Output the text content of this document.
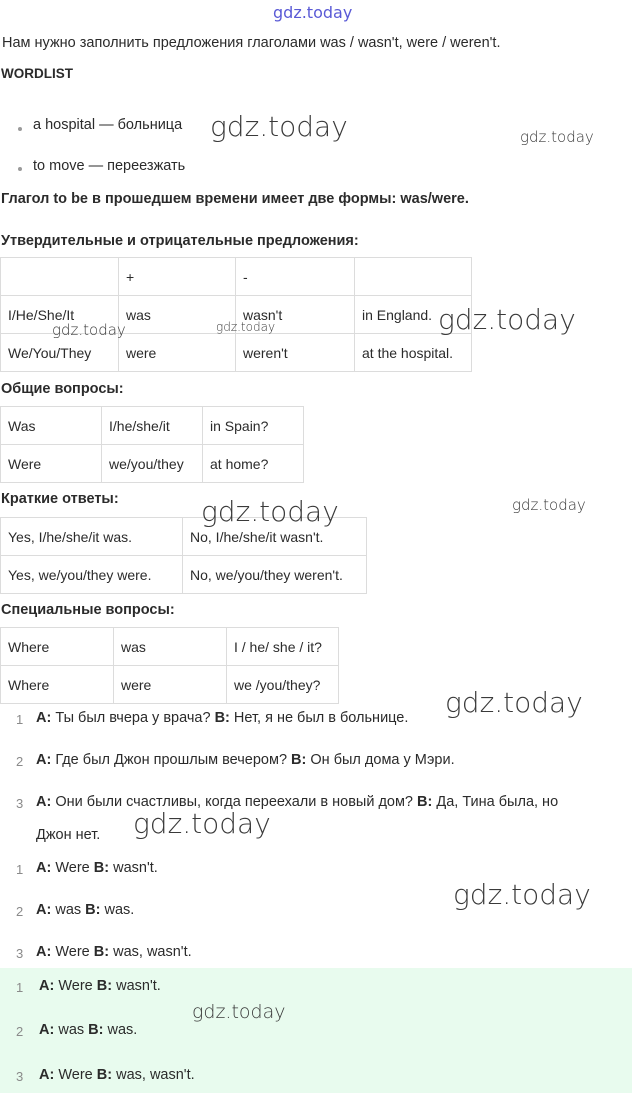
gdz.today
Нам нужно заполнить предложения глаголами was / wasn't, were / weren't.
WORDLIST
a hospital — больница
to move — переезжать
Глагол to be в прошедшем времени имеет две формы: was/were.
Утвердительные и отрицательные предложения:
	+	-	
I/He/She/It	was	wasn't	in England.
We/You/They	were	weren't	at the hospital.
Общие вопросы:
Was	I/he/she/it	in Spain?
Were	we/you/they	at home?
Краткие ответы:
Yes, I/he/she/it was.	No, I/he/she/it wasn't.
Yes, we/you/they were.	No, we/you/they weren't.
Специальные вопросы:
Where	was	I / he/ she / it?
Where	were	we /you/they?
1 A: Ты был вчера у врача? B: Нет, я не был в больнице.
2 A: Где был Джон прошлым вечером? B: Он был дома у Мэри.
3 A: Они были счастливы, когда переехали в новый дом? B: Да, Тина была, но
Джон нет.
1 A: Were B: wasn't.
2 A: was B: was.
3 A: Were B: was, wasn't.
1 A: Were B: wasn't.
2 A: was B: was.
3 A: Were B: was, wasn't.
gdz.today	gdz.today
gdz.today
gdz.today	gdz.today
gdz.today	gdz.today
gdz.today
gdz.today
gdz.today
gdz.today
